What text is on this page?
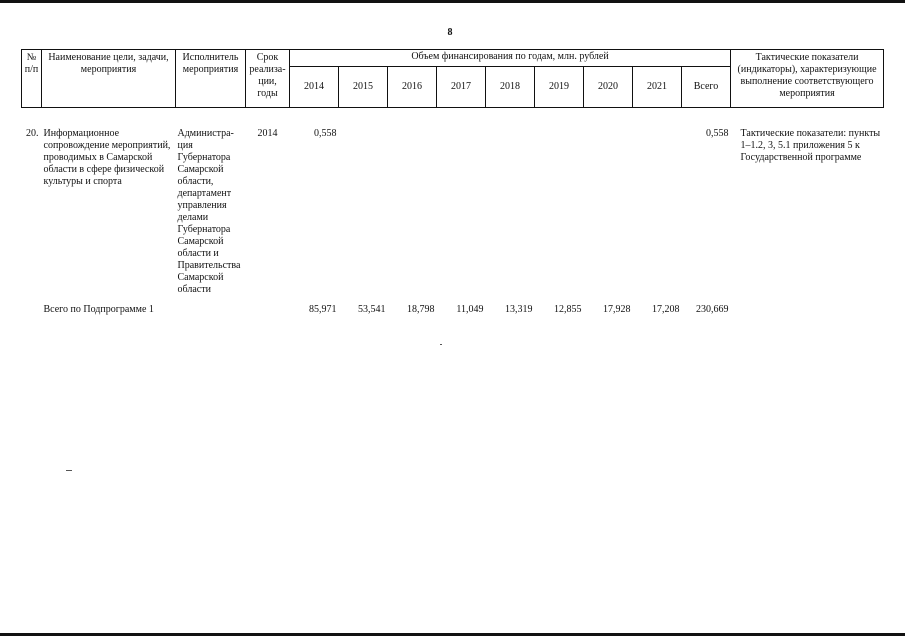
8
№ п/п	Наименование цели, задачи, мероприятия	Исполнитель мероприятия	Срок реализа-ции, годы	Объем финансирования по годам, млн. рублей									Тактические показатели (индикаторы), характеризующие выполнение соответствующего мероприятия
				2014	2015	2016	2017	2018	2019	2020	2021	Всего	

20.	Информационное сопровождение мероприятий, проводимых в Самарской области в сфере физической культуры и спорта	Администра-ция Губернатора Самарской области, департамент управления делами Губернатора Самарской области и Правительства Самарской области	2014	0,558								0,558	Тактические показатели: пункты 1–1.2, 3, 5.1 приложения 5 к Государственной программе
	Всего по Подпрограмме 1			85,971	53,541	18,798	11,049	13,319	12,855	17,928	17,208	230,669	
